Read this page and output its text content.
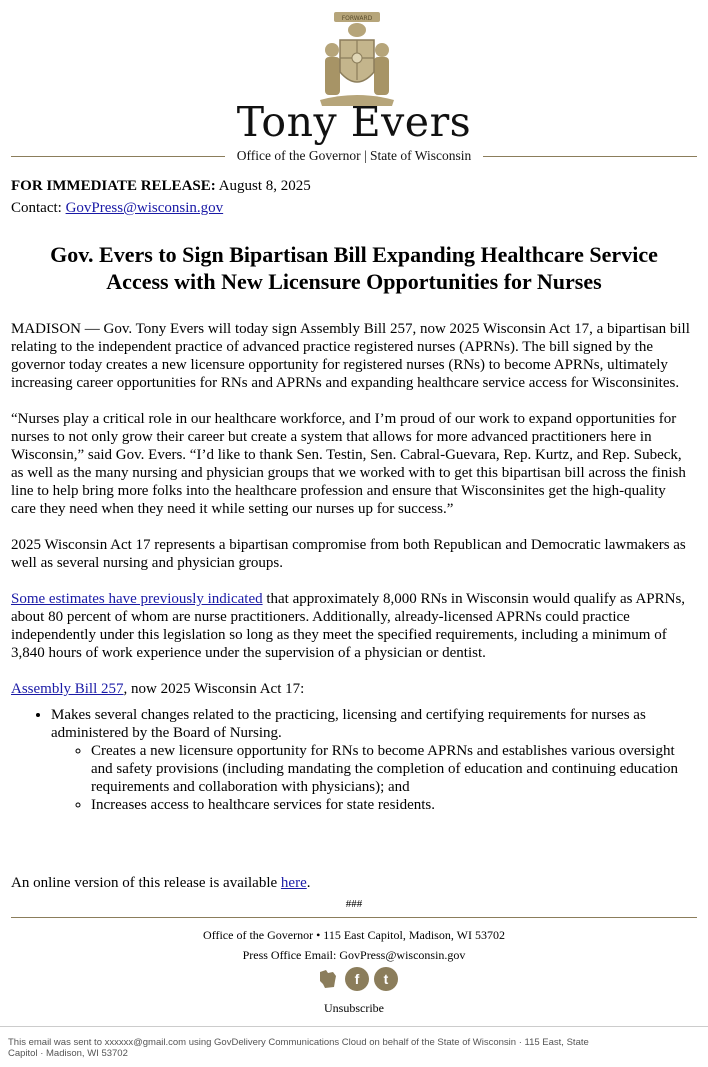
FORWARD
Tony Evers
Office of the Governor | State of Wisconsin
FOR IMMEDIATE RELEASE: August 8, 2025
Contact: GovPress@wisconsin.gov
Gov. Evers to Sign Bipartisan Bill Expanding Healthcare Service Access with New Licensure Opportunities for Nurses

MADISON — Gov. Tony Evers will today sign Assembly Bill 257, now 2025 Wisconsin Act 17, a bipartisan bill relating to the independent practice of advanced practice registered nurses (APRNs). The bill signed by the governor today creates a new licensure opportunity for registered nurses (RNs) to become APRNs, ultimately increasing career opportunities for RNs and APRNs and expanding healthcare service access for Wisconsinites.

“Nurses play a critical role in our healthcare workforce, and I’m proud of our work to expand opportunities for nurses to not only grow their career but create a system that allows for more advanced practitioners here in Wisconsin,” said Gov. Evers. “I’d like to thank Sen. Testin, Sen. Cabral-Guevara, Rep. Kurtz, and Rep. Subeck, as well as the many nursing and physician groups that we worked with to get this bipartisan bill across the finish line to help bring more folks into the healthcare profession and ensure that Wisconsinites get the high-quality care they need when they need it while setting our nurses up for success.”

2025 Wisconsin Act 17 represents a bipartisan compromise from both Republican and Democratic lawmakers as well as several nursing and physician groups.

Some estimates have previously indicated that approximately 8,000 RNs in Wisconsin would qualify as APRNs, about 80 percent of whom are nurse practitioners. Additionally, already-licensed APRNs could practice independently under this legislation so long as they meet the specified requirements, including a minimum of 3,840 hours of work experience under the supervision of a physician or dentist.

Assembly Bill 257, now 2025 Wisconsin Act 17:

• Makes several changes related to the practicing, licensing and certifying requirements for nurses as administered by the Board of Nursing.
◦ Creates a new licensure opportunity for RNs to become APRNs and establishes various oversight and safety provisions (including mandating the completion of education and continuing education requirements and collaboration with physicians); and
◦ Increases access to healthcare services for state residents.
An online version of this release is available here.
###
Office of the Governor • 115 East Capitol, Madison, WI 53702
Press Office Email: GovPress@wisconsin.gov
f t
Unsubscribe
This email was sent to xxxxxx@gmail.com using GovDelivery Communications Cloud on behalf of the State of Wisconsin · 115 East, State Capitol · Madison, WI 53702
